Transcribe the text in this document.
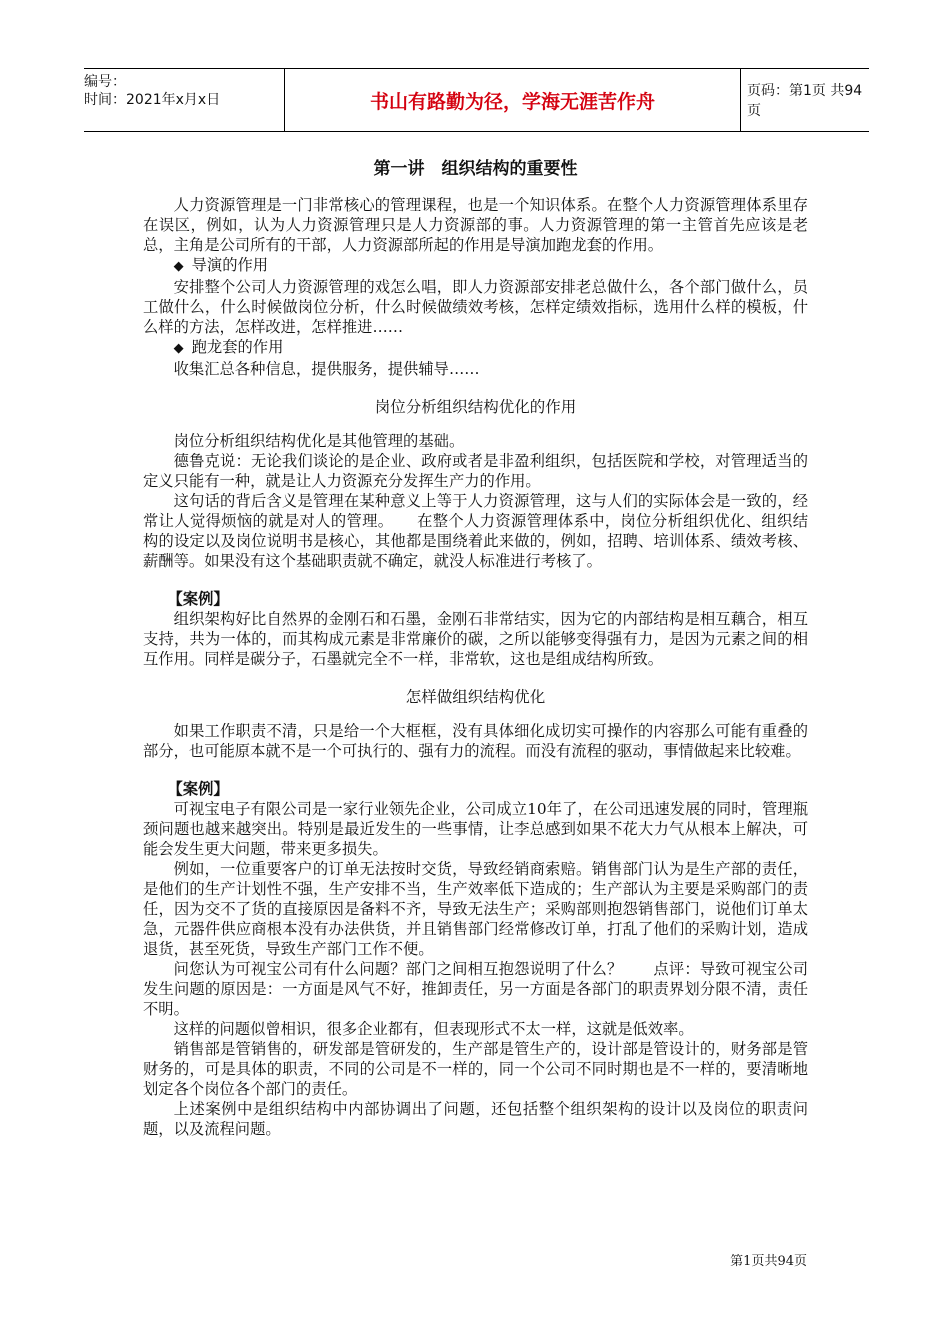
编号：
时间：2021年x月x日	书山有路勤为径，学海无涯苦作舟	页码：第1页 共94页
第一讲　组织结构的重要性

人力资源管理是一门非常核心的管理课程，也是一个知识体系。在整个人力资源管理体系里存在误区，例如，认为人力资源管理只是人力资源部的事。人力资源管理的第一主管首先应该是老总，主角是公司所有的干部，人力资源部所起的作用是导演加跑龙套的作用。

◆ 导演的作用

安排整个公司人力资源管理的戏怎么唱，即人力资源部安排老总做什么，各个部门做什么，员工做什么，什么时候做岗位分析，什么时候做绩效考核，怎样定绩效指标，选用什么样的模板，什么样的方法，怎样改进，怎样推进……

◆ 跑龙套的作用

收集汇总各种信息，提供服务，提供辅导……

岗位分析组织结构优化的作用

岗位分析组织结构优化是其他管理的基础。

德鲁克说：无论我们谈论的是企业、政府或者是非盈利组织，包括医院和学校，对管理适当的定义只能有一种，就是让人力资源充分发挥生产力的作用。

这句话的背后含义是管理在某种意义上等于人力资源管理，这与人们的实际体会是一致的，经常让人觉得烦恼的就是对人的管理。　　在整个人力资源管理体系中，岗位分析组织优化、组织结构的设定以及岗位说明书是核心，其他都是围绕着此来做的，例如，招聘、培训体系、绩效考核、薪酬等。如果没有这个基础职责就不确定，就没人标准进行考核了。

【案例】

组织架构好比自然界的金刚石和石墨，金刚石非常结实，因为它的内部结构是相互藕合，相互支持，共为一体的，而其构成元素是非常廉价的碳，之所以能够变得强有力，是因为元素之间的相互作用。同样是碳分子，石墨就完全不一样，非常软，这也是组成结构所致。

怎样做组织结构优化

如果工作职责不清，只是给一个大框框，没有具体细化成切实可操作的内容那么可能有重叠的部分，也可能原本就不是一个可执行的、强有力的流程。而没有流程的驱动，事情做起来比较难。

【案例】

可视宝电子有限公司是一家行业领先企业，公司成立10年了，在公司迅速发展的同时，管理瓶颈问题也越来越突出。特别是最近发生的一些事情，让李总感到如果不花大力气从根本上解决，可能会发生更大问题，带来更多损失。

例如，一位重要客户的订单无法按时交货，导致经销商索赔。销售部门认为是生产部的责任，是他们的生产计划性不强，生产安排不当，生产效率低下造成的；生产部认为主要是采购部门的责任，因为交不了货的直接原因是备料不齐，导致无法生产；采购部则抱怨销售部门，说他们订单太急，元器件供应商根本没有办法供货，并且销售部门经常修改订单，打乱了他们的采购计划，造成退货，甚至死货，导致生产部门工作不便。

问您认为可视宝公司有什么问题？部门之间相互抱怨说明了什么？　　点评：导致可视宝公司发生问题的原因是：一方面是风气不好，推卸责任，另一方面是各部门的职责界划分限不清，责任不明。

这样的问题似曾相识，很多企业都有，但表现形式不太一样，这就是低效率。

销售部是管销售的，研发部是管研发的，生产部是管生产的，设计部是管设计的，财务部是管财务的，可是具体的职责，不同的公司是不一样的，同一个公司不同时期也是不一样的，要清晰地划定各个岗位各个部门的责任。

上述案例中是组织结构中内部协调出了问题，还包括整个组织架构的设计以及岗位的职责问题，以及流程问题。

第1页共94页
